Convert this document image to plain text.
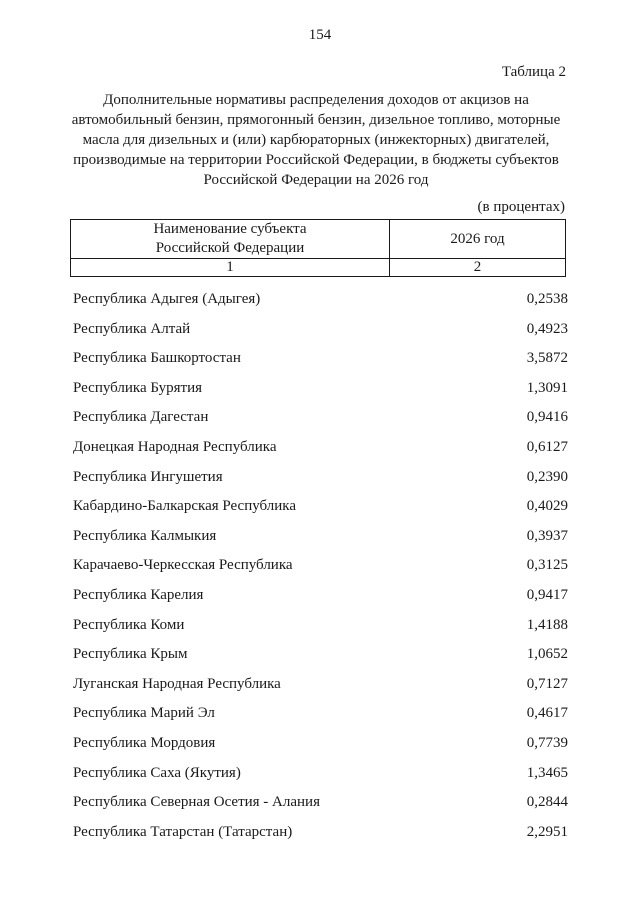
154
Таблица 2
Дополнительные нормативы распределения доходов от акцизов на
автомобильный бензин, прямогонный бензин, дизельное топливо, моторные
масла для дизельных и (или) карбюраторных (инжекторных) двигателей,
производимые на территории Российской Федерации, в бюджеты субъектов
Российской Федерации на 2026 год
(в процентах)
Наименование субъекта
Российской Федерации	2026 год
1	2
Республика Адыгея (Адыгея)	0,2538
Республика Алтай	0,4923
Республика Башкортостан	3,5872
Республика Бурятия	1,3091
Республика Дагестан	0,9416
Донецкая Народная Республика	0,6127
Республика Ингушетия	0,2390
Кабардино-Балкарская Республика	0,4029
Республика Калмыкия	0,3937
Карачаево-Черкесская Республика	0,3125
Республика Карелия	0,9417
Республика Коми	1,4188
Республика Крым	1,0652
Луганская Народная Республика	0,7127
Республика Марий Эл	0,4617
Республика Мордовия	0,7739
Республика Саха (Якутия)	1,3465
Республика Северная Осетия - Алания	0,2844
Республика Татарстан (Татарстан)	2,2951
